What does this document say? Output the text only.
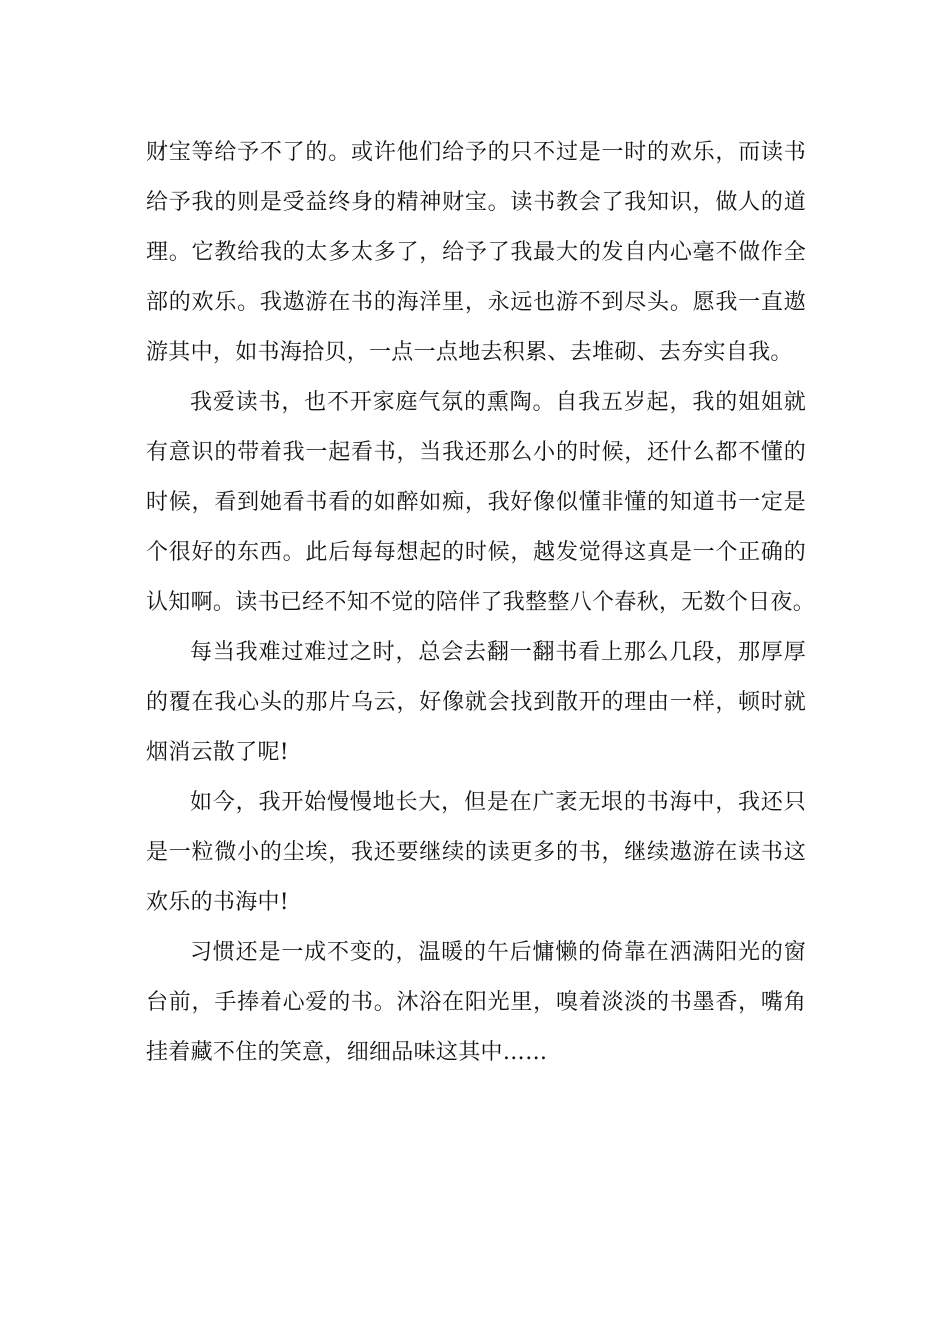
财宝等给予不了的。或许他们给予的只不过是一时的欢乐，而读书
给予我的则是受益终身的精神财宝。读书教会了我知识，做人的道
理。它教给我的太多太多了，给予了我最大的发自内心毫不做作全
部的欢乐。我遨游在书的海洋里，永远也游不到尽头。愿我一直遨
游其中，如书海拾贝，一点一点地去积累、去堆砌、去夯实自我。
我爱读书，也不开家庭气氛的熏陶。自我五岁起，我的姐姐就
有意识的带着我一起看书，当我还那么小的时候，还什么都不懂的
时候，看到她看书看的如醉如痴，我好像似懂非懂的知道书一定是
个很好的东西。此后每每想起的时候，越发觉得这真是一个正确的
认知啊。读书已经不知不觉的陪伴了我整整八个春秋，无数个日夜。
每当我难过难过之时，总会去翻一翻书看上那么几段，那厚厚
的覆在我心头的那片乌云，好像就会找到散开的理由一样，顿时就
烟消云散了呢!
如今，我开始慢慢地长大，但是在广袤无垠的书海中，我还只
是一粒微小的尘埃，我还要继续的读更多的书，继续遨游在读书这
欢乐的书海中!
习惯还是一成不变的，温暖的午后慵懒的倚靠在洒满阳光的窗
台前，手捧着心爱的书。沐浴在阳光里，嗅着淡淡的书墨香，嘴角
挂着藏不住的笑意，细细品味这其中……
